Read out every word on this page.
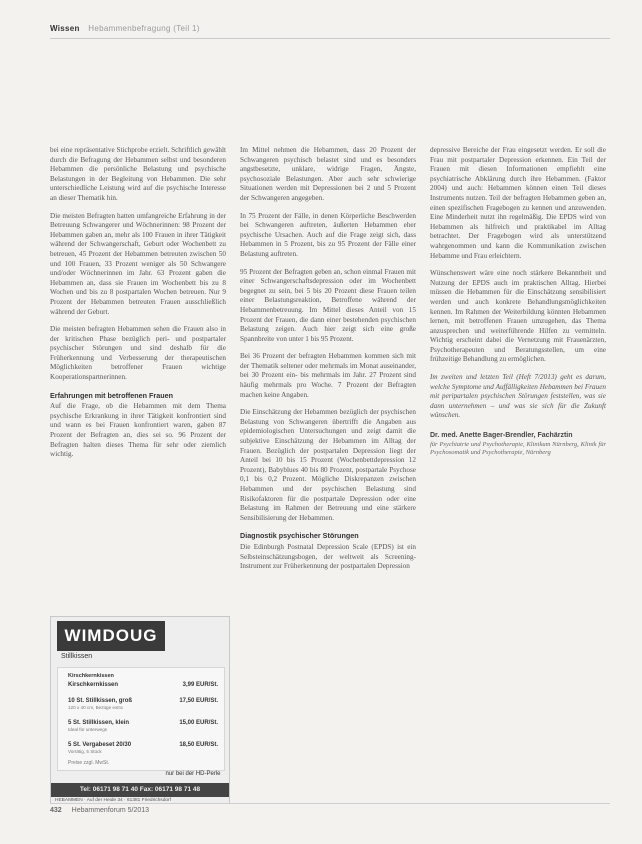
Wissen Hebammenbefragung (Teil 1)

bei eine repräsentative Stichprobe erzielt. Schriftlich gewählt durch die Befragung der Hebammen selbst und besonderen Hebammen die persönliche Belastung und psychische Belastungen in der Begleitung von Hebammen. Die sehr unterschiedliche Leistung wird auf die psychische Interesse an dieser Thematik hin.

Die meisten Befragten hatten umfangreiche Erfahrung in der Betreuung Schwangerer und Wöchnerinnen: 98 Prozent der Hebammen gaben an, mehr als 100 Frauen in ihrer Tätigkeit während der Schwangerschaft, Geburt oder Wochenbett zu betreuen, 45 Prozent der Hebammen betreuten zwischen 50 und 100 Frauen, 33 Prozent weniger als 50 Schwangere und/oder Wöchnerinnen im Jahr. 63 Prozent gaben die Hebammen an, dass sie Frauen im Wochenbett bis zu 8 Wochen und bis zu 8 postpartalen Wochen betreuen. Nur 9 Prozent der Hebammen betreuten Frauen ausschließlich während der Geburt.

Die meisten befragten Hebammen sehen die Frauen also in der kritischen Phase bezüglich peri- und postpartaler psychischer Störungen und sind deshalb für die Früherkennung und Verbesserung der therapeutischen Möglichkeiten betroffener Frauen wichtige Kooperationspartnerinnen.

Erfahrungen mit betroffenen Frauen

Auf die Frage, ob die Hebammen mit dem Thema psychische Erkrankung in ihrer Tätigkeit konfrontiert sind und wann es bei Frauen konfrontiert waren, gaben 87 Prozent der Befragten an, dies sei so. 96 Prozent der Befragten halten dieses Thema für sehr oder ziemlich wichtig.

WIMDOUG
Stillkissen
Kirschkernkissen
Kirschkernkissen	3,99 EUR/St.
10 St. Stillkissen, groß	17,50 EUR/St.
120 x 40 cm, Bezüge extra
5 St. Stillkissen, klein	15,00 EUR/St.
Ideal für unterwegs
5 St. Vergabeset 20/30	18,50 EUR/St.
Vorrätig, 5 Stück
Preise zzgl. MwSt.
nur bei der HD-Perle
Tel: 06171 98 71 40 Fax: 06171 98 71 48
HEBAMMEN · Auf der Heide 34 · 61381 Friedrichsdorf

Im Mittel nehmen die Hebammen, dass 20 Prozent der Schwangeren psychisch belastet sind und es besonders angstbesetzte, unklare, widrige Fragen, Ängste, psychosoziale Belastungen. Aber auch sehr schwierige Situationen werden mit Depressionen bei 2 und 5 Prozent der Schwangeren angegeben.

In 75 Prozent der Fälle, in denen Körperliche Beschwerden bei Schwangeren auftreten, äußerten Hebammen eher psychische Ursachen. Auch auf die Frage zeigt sich, dass Hebammen in 5 Prozent, bis zu 95 Prozent der Fälle einer Belastung auftreten.

95 Prozent der Befragten geben an, schon einmal Frauen mit einer Schwangerschaftsdepression oder im Wochenbett begegnet zu sein, bei 5 bis 20 Prozent diese Frauen teilen einer Belastungsreaktion, Betroffene während der Hebammenbetreuung. Im Mittel dieses Anteil von 15 Prozent der Frauen, die dann einer bestehenden psychischen Belastung zeigen. Auch hier zeigt sich eine große Spannbreite von unter 1 bis 95 Prozent.

Bei 36 Prozent der befragten Hebammen kommen sich mit der Thematik seltener oder mehrmals im Monat auseinander, bei 30 Prozent ein- bis mehrmals im Jahr. 27 Prozent sind häufig mehrmals pro Woche. 7 Prozent der Befragten machen keine Angaben.

Die Einschätzung der Hebammen bezüglich der psychischen Belastung von Schwangeren übertrifft die Angaben aus epidemiologischen Untersuchungen und zeigt damit die subjektive Einschätzung der Hebammen im Alltag der Frauen. Bezüglich der postpartalen Depression liegt der Anteil bei 10 bis 15 Prozent (Wochenbettdepression 12 Prozent), Babyblues 40 bis 80 Prozent, postpartale Psychose 0,1 bis 0,2 Prozent. Mögliche Diskrepanzen zwischen Hebammen und der psychischen Belastung sind Risikofaktoren für die postpartale Depression oder eine Belastung im Rahmen der Betreuung und eine stärkere Sensibilisierung der Hebammen.

Diagnostik psychischer Störungen

Die Edinburgh Postnatal Depression Scale (EPDS) ist ein Selbsteinschätzungsbogen, der weltweit als Screening-Instrument zur Früherkennung der postpartalen Depression

depressive Bereiche der Frau eingesetzt werden. Er soll die Frau mit postpartaler Depression erkennen. Ein Teil der Frauen mit diesen Informationen empfiehlt eine psychiatrische Abklärung durch ihre Hebammen. (Faktor 2004) und auch: Hebammen können einen Teil dieses Instruments nutzen. Teil der befragten Hebammen geben an, einen spezifischen Fragebogen zu kennen und anzuwenden. Eine Minderheit nutzt ihn regelmäßig. Die EPDS wird von Hebammen als hilfreich und praktikabel im Alltag betrachtet. Der Fragebogen wird als unterstützend wahrgenommen und kann die Kommunikation zwischen Hebamme und Frau erleichtern.

Wünschenswert wäre eine noch stärkere Bekanntheit und Nutzung der EPDS auch im praktischen Alltag. Hierbei müssen die Hebammen für die Einschätzung sensibilisiert werden und auch konkrete Behandlungsmöglichkeiten kennen. Im Rahmen der Weiterbildung könnten Hebammen lernen, mit betroffenen Frauen umzugehen, das Thema anzusprechen und weiterführende Hilfen zu vermitteln. Wichtig erscheint dabei die Vernetzung mit Frauenärzten, Psychotherapeuten und Beratungsstellen, um eine frühzeitige Behandlung zu ermöglichen.

Im zweiten und letzten Teil (Heft 7/2013) geht es darum, welche Symptome und Auffälligkeiten Hebammen bei Frauen mit peripartalen psychischen Störungen feststellen, was sie dann unternehmen – und was sie sich für die Zukunft wünschen.

Dr. med. Anette Bager-Brendler, Fachärztin
für Psychiatrie und Psychotherapie, Klinikum Nürnberg, Klinik für Psychosomatik und Psychotherapie, Nürnberg
432 Hebammenforum 5/2013
